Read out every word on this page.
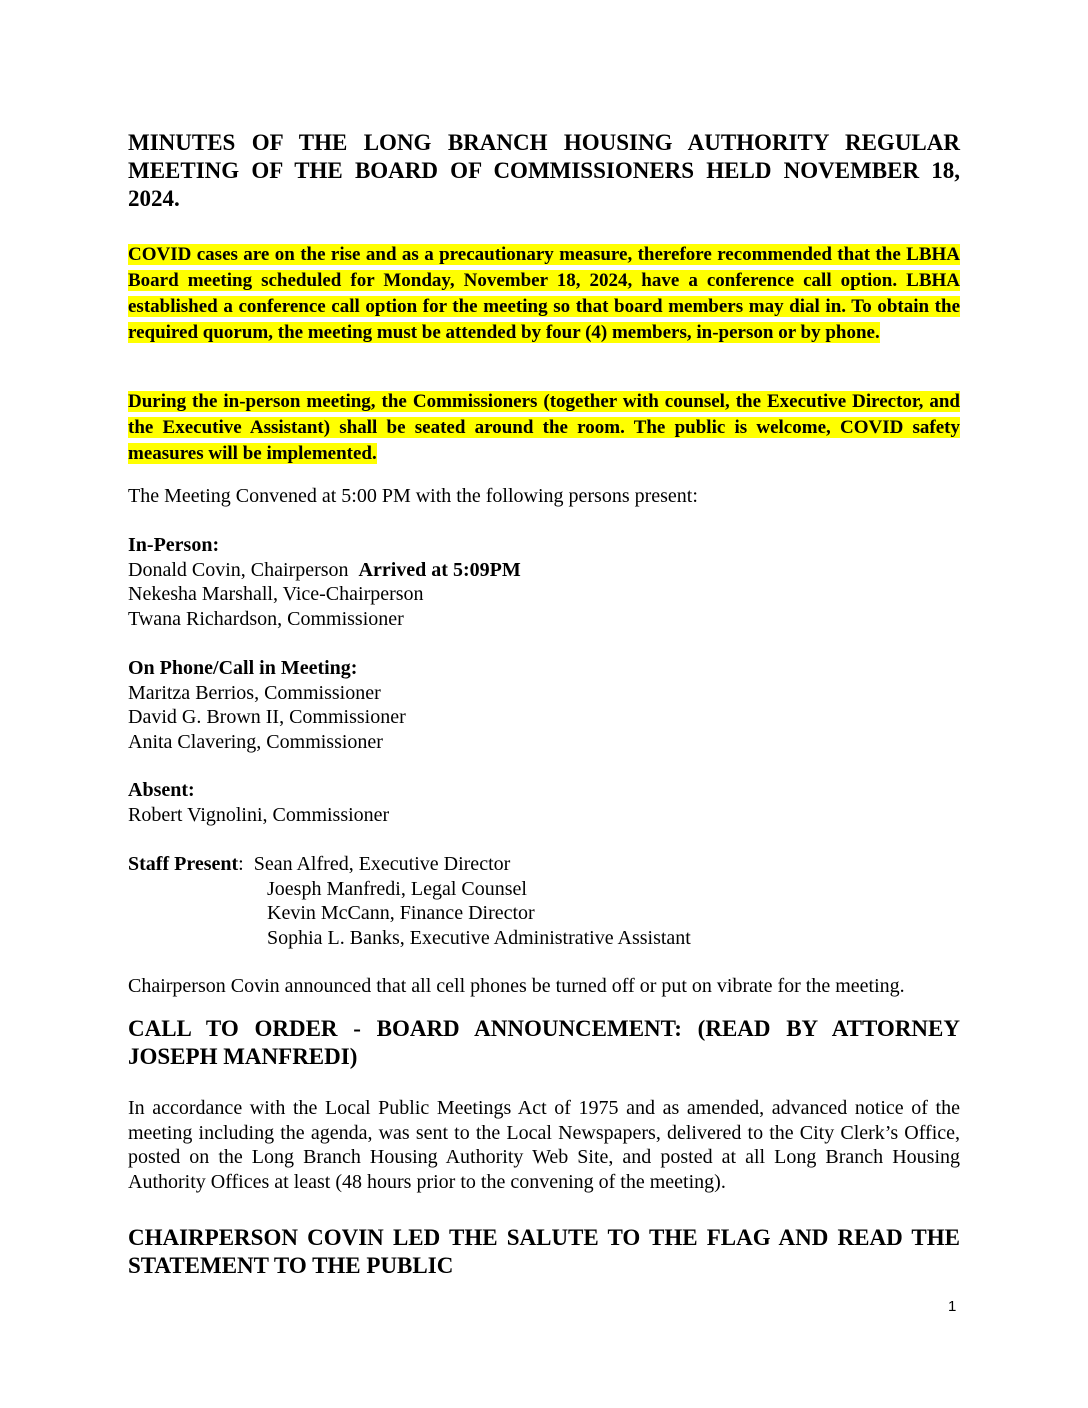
MINUTES OF THE LONG BRANCH HOUSING AUTHORITY REGULAR MEETING OF THE BOARD OF COMMISSIONERS HELD NOVEMBER 18, 2024.
COVID cases are on the rise and as a precautionary measure, therefore recommended that the LBHA Board meeting scheduled for Monday, November 18, 2024, have a conference call option. LBHA established a conference call option for the meeting so that board members may dial in. To obtain the required quorum, the meeting must be attended by four (4) members, in-person or by phone.
During the in-person meeting, the Commissioners (together with counsel, the Executive Director, and the Executive Assistant) shall be seated around the room. The public is welcome, COVID safety measures will be implemented.
The Meeting Convened at 5:00 PM with the following persons present:
In-Person:
Donald Covin, Chairperson Arrived at 5:09PM
Nekesha Marshall, Vice-Chairperson
Twana Richardson, Commissioner
On Phone/Call in Meeting:
Maritza Berrios, Commissioner
David G. Brown II, Commissioner
Anita Clavering, Commissioner
Absent:
Robert Vignolini, Commissioner
Staff Present:  Sean Alfred, Executive Director
Joesph Manfredi, Legal Counsel
Kevin McCann, Finance Director
Sophia L. Banks, Executive Administrative Assistant
Chairperson Covin announced that all cell phones be turned off or put on vibrate for the meeting.
CALL TO ORDER - BOARD ANNOUNCEMENT: (READ BY ATTORNEY JOSEPH MANFREDI)
In accordance with the Local Public Meetings Act of 1975 and as amended, advanced notice of the meeting including the agenda, was sent to the Local Newspapers, delivered to the City Clerk’s Office, posted on the Long Branch Housing Authority Web Site, and posted at all Long Branch Housing Authority Offices at least (48 hours prior to the convening of the meeting).
CHAIRPERSON COVIN LED THE SALUTE TO THE FLAG AND READ THE STATEMENT TO THE PUBLIC
1
